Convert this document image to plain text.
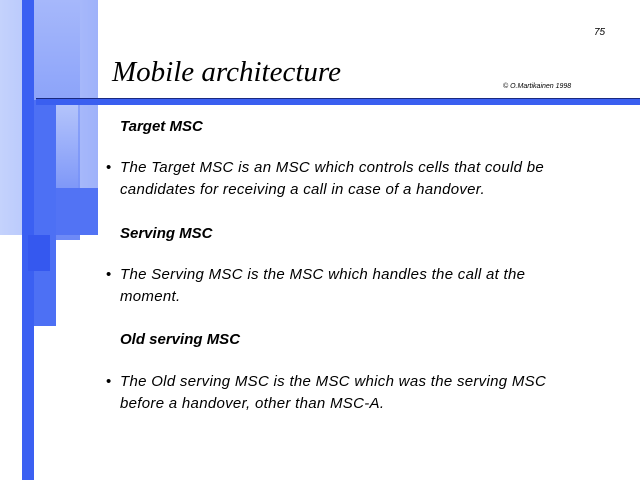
75
Mobile architecture	© O.Martikainen 1998
Target MSC
• The Target MSC is an MSC which controls cells that could be candidates for receiving a call in case of a handover.
Serving MSC
• The Serving MSC is the MSC which handles the call at the moment.
Old serving MSC
• The Old serving MSC is the MSC which was the serving MSC before a handover, other than MSC-A.
